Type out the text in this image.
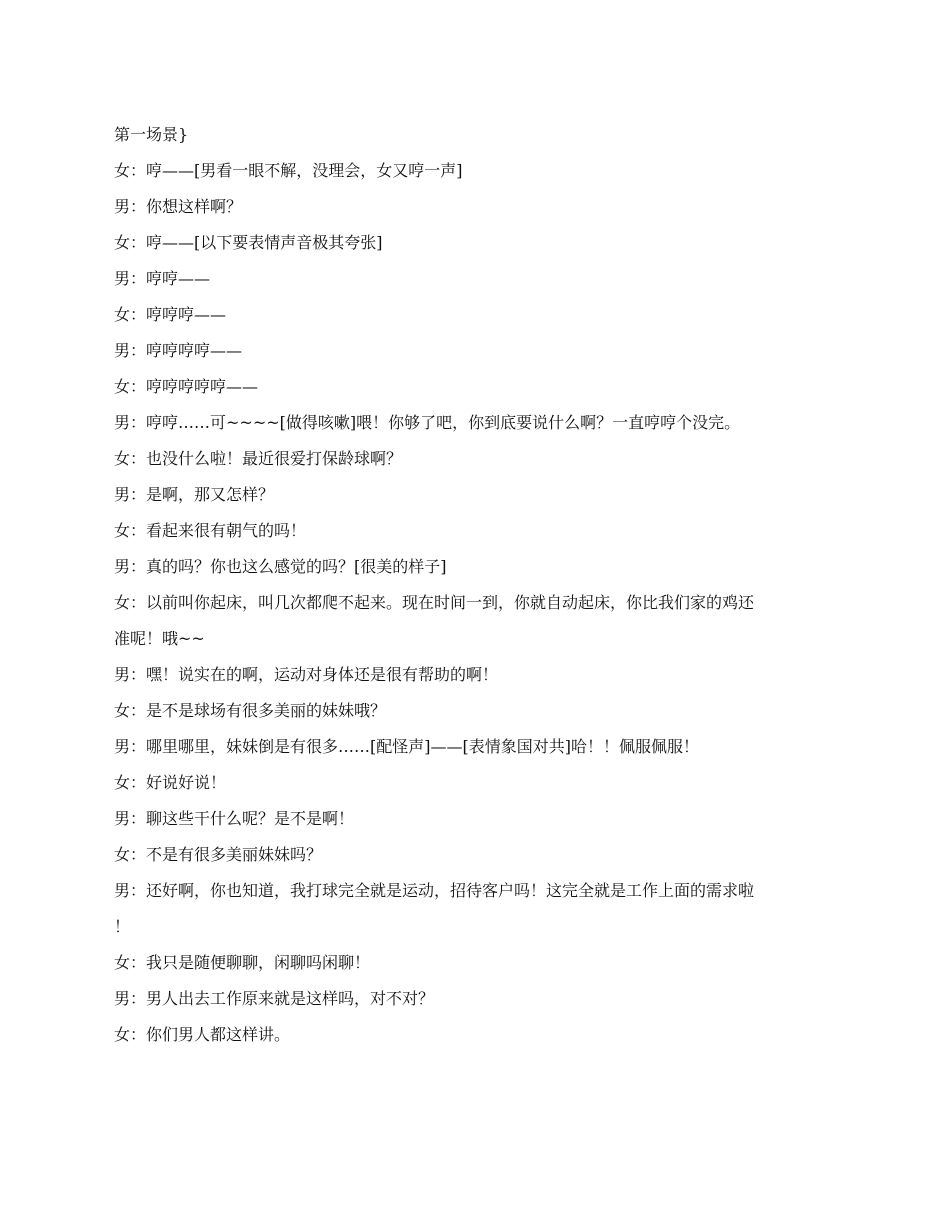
第一场景}

女：哼——[男看一眼不解，没理会，女又哼一声]

男：你想这样啊？

女：哼——[以下要表情声音极其夸张]

男：哼哼——

女：哼哼哼——

男：哼哼哼哼——

女：哼哼哼哼哼——

男：哼哼……可~~~~[做得咳嗽]喂！你够了吧，你到底要说什么啊？一直哼哼个没完。

女：也没什么啦！最近很爱打保龄球啊？

男：是啊，那又怎样？

女：看起来很有朝气的吗！

男：真的吗？你也这么感觉的吗？[很美的样子]

女：以前叫你起床，叫几次都爬不起来。现在时间一到，你就自动起床，你比我们家的鸡还

准呢！哦~~

男：嘿！说实在的啊，运动对身体还是很有帮助的啊！

女：是不是球场有很多美丽的妹妹哦？

男：哪里哪里，妹妹倒是有很多……[配怪声]——[表情象国对共]哈！！佩服佩服！

女：好说好说！

男：聊这些干什么呢？是不是啊！

女：不是有很多美丽妹妹吗？

男：还好啊，你也知道，我打球完全就是运动，招待客户吗！这完全就是工作上面的需求啦

！

女：我只是随便聊聊，闲聊吗闲聊！

男：男人出去工作原来就是这样吗，对不对？

女：你们男人都这样讲。
